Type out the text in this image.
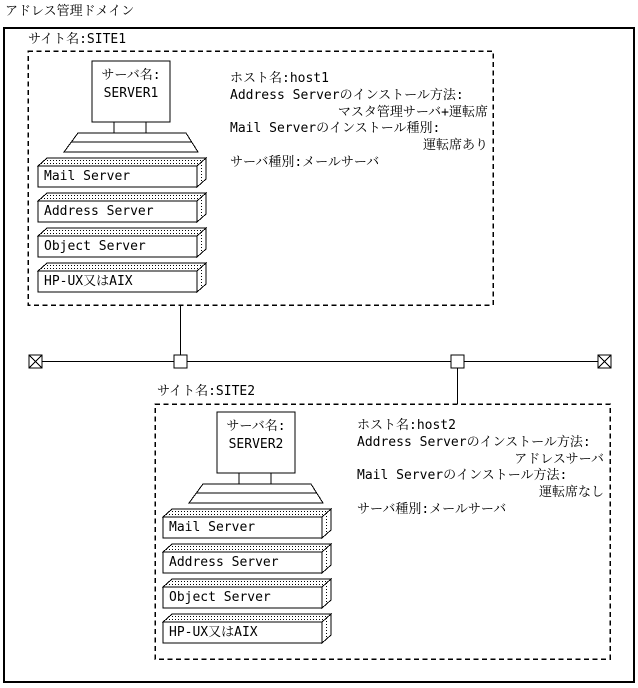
アドレス管理ドメイン
サイト名:SITE1
サーバ名:
SERVER1
Mail Server
Address Server
Object Server
HP-UX又はAIX
ホスト名:host1
Address Serverのインストール方法:
マスタ管理サーバ+運転席
Mail Serverのインストール種別:
運転席あり
サーバ種別:メールサーバ
サイト名:SITE2
サーバ名:
SERVER2
Mail Server
Address Server
Object Server
HP-UX又はAIX
ホスト名:host2
Address Serverのインストール方法:
アドレスサーバ
Mail Serverのインストール方法:
運転席なし
サーバ種別:メールサーバ
